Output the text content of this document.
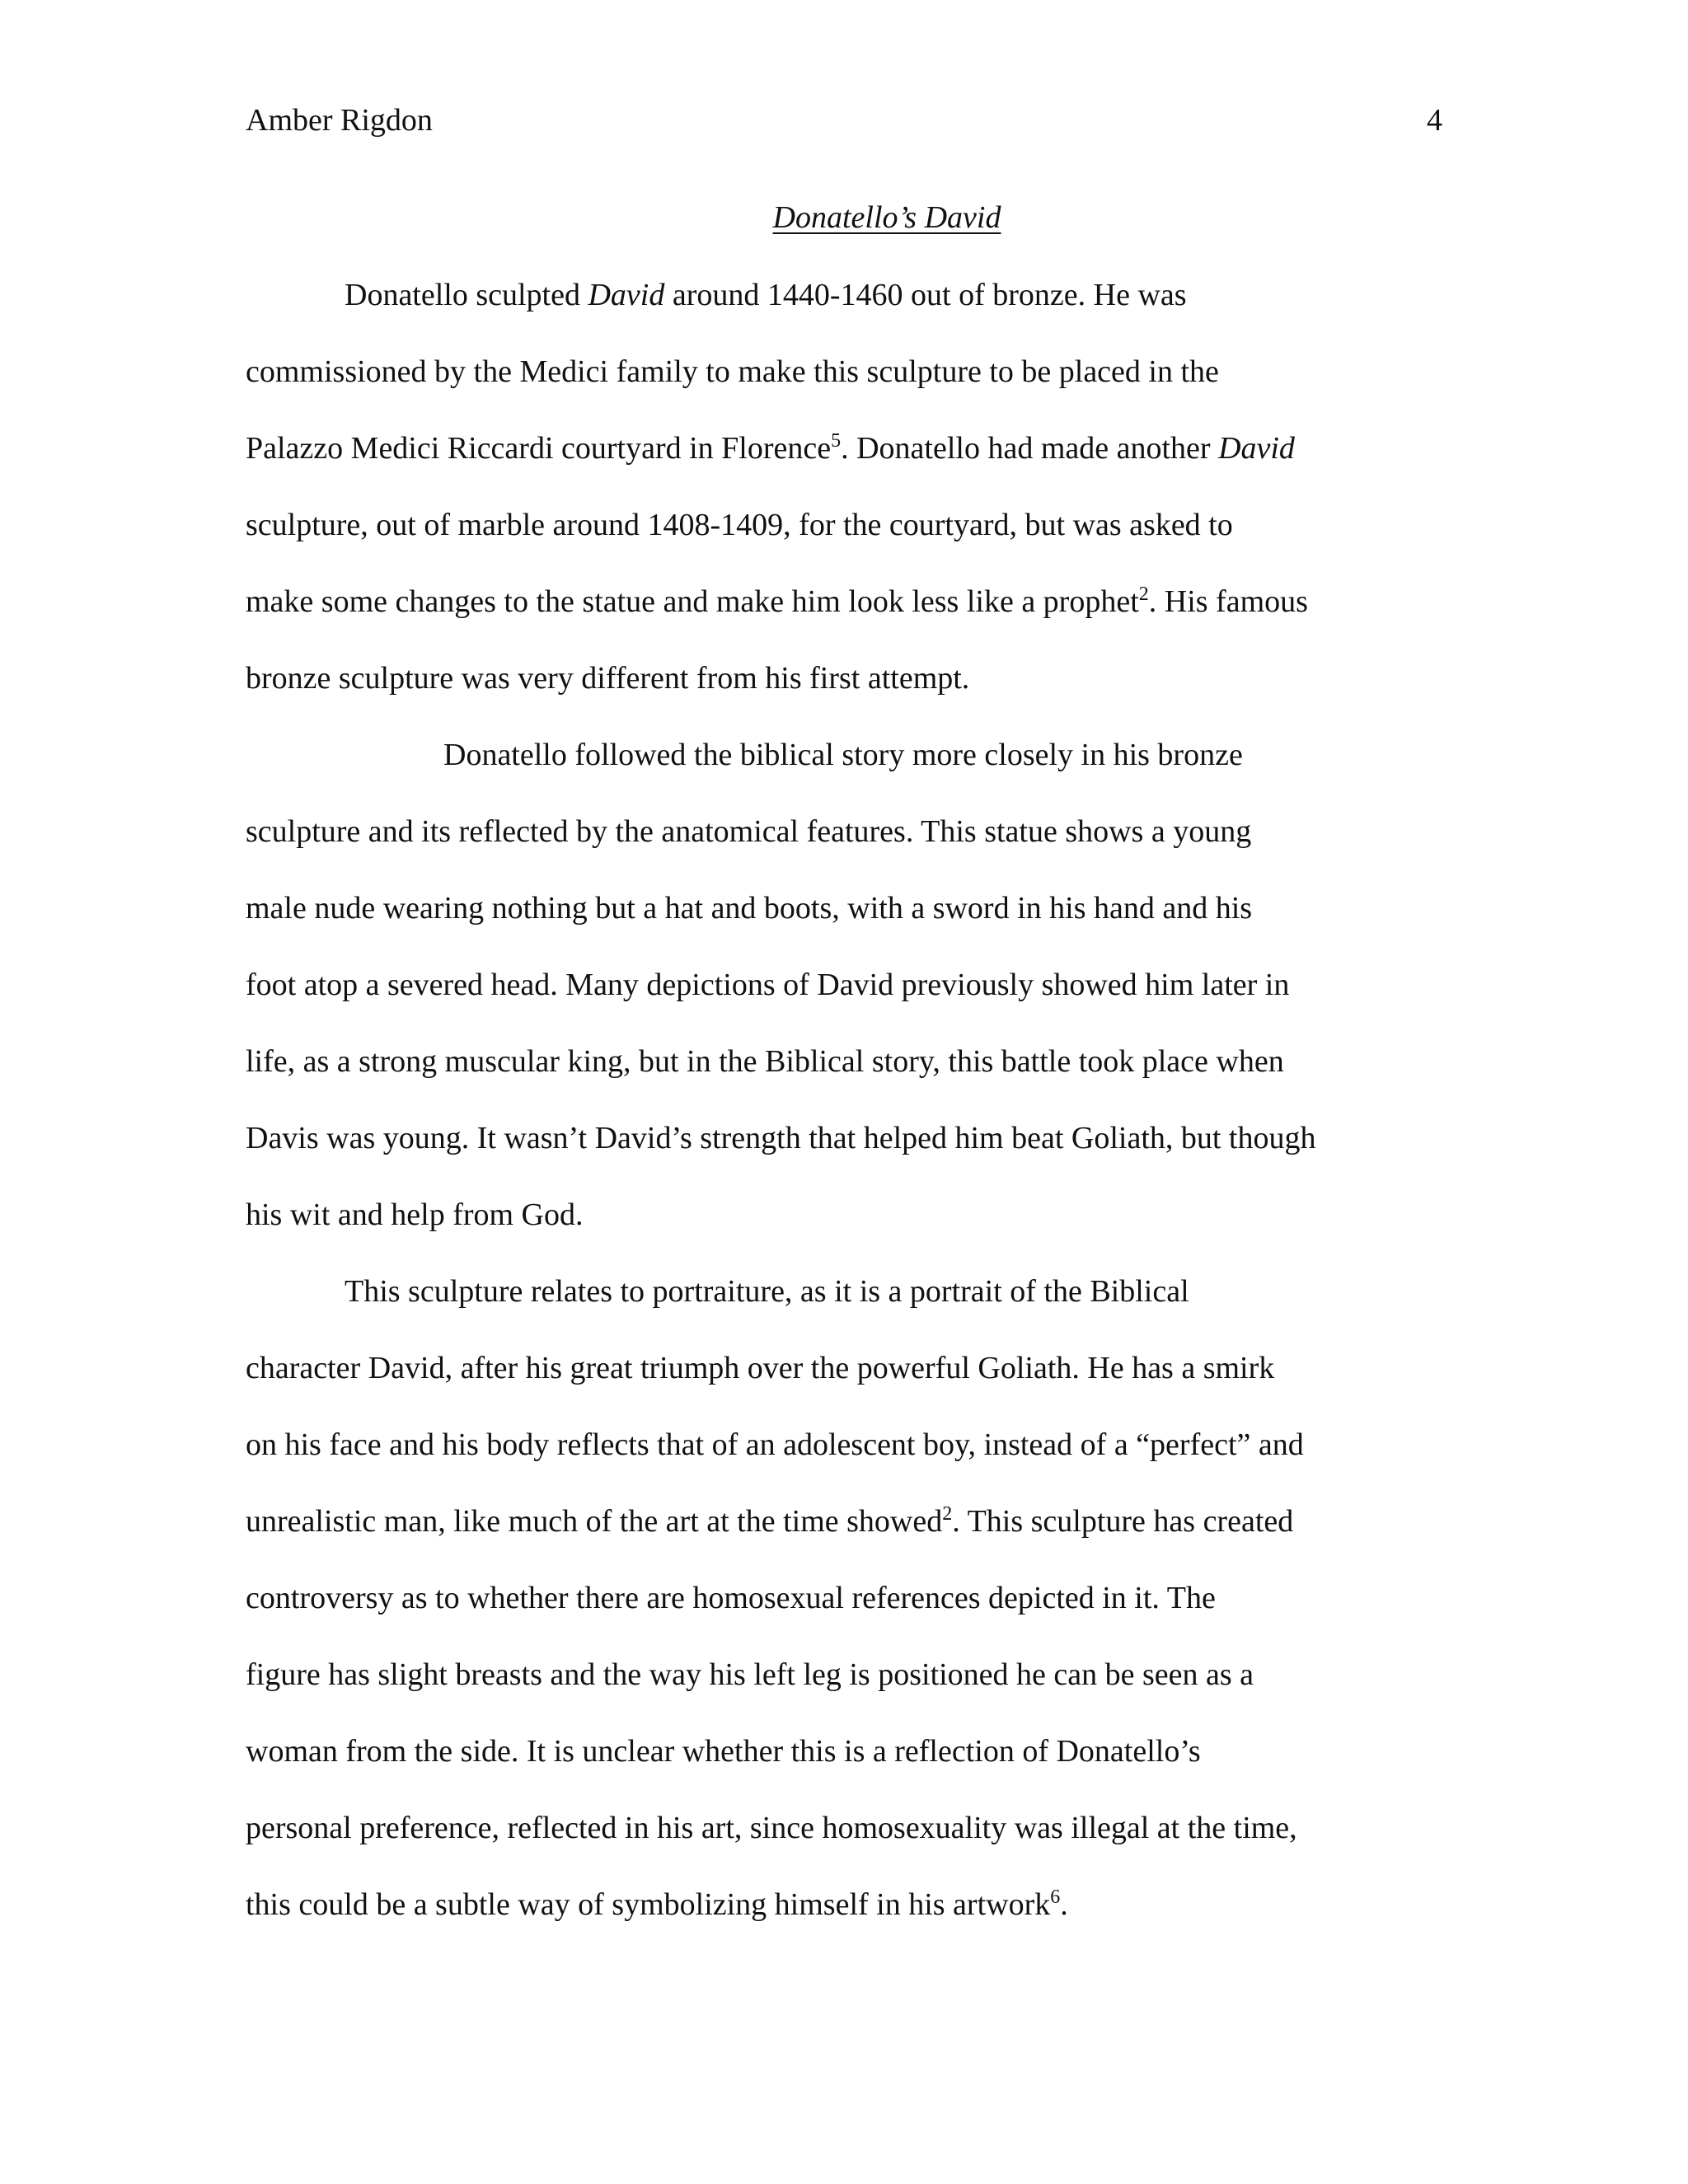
Amber Rigdon	4
Donatello’s David
Donatello sculpted David around 1440-1460 out of bronze. He was
commissioned by the Medici family to make this sculpture to be placed in the
Palazzo Medici Riccardi courtyard in Florence$^5$. Donatello had made another David
sculpture, out of marble around 1408-1409, for the courtyard, but was asked to
make some changes to the statue and make him look less like a prophet$^2$. His famous
bronze sculpture was very different from his first attempt.
Donatello followed the biblical story more closely in his bronze
sculpture and its reflected by the anatomical features. This statue shows a young
male nude wearing nothing but a hat and boots, with a sword in his hand and his
foot atop a severed head. Many depictions of David previously showed him later in
life, as a strong muscular king, but in the Biblical story, this battle took place when
Davis was young. It wasn’t David’s strength that helped him beat Goliath, but though
his wit and help from God.
This sculpture relates to portraiture, as it is a portrait of the Biblical
character David, after his great triumph over the powerful Goliath. He has a smirk
on his face and his body reflects that of an adolescent boy, instead of a “perfect” and
unrealistic man, like much of the art at the time showed$^2$. This sculpture has created
controversy as to whether there are homosexual references depicted in it. The
figure has slight breasts and the way his left leg is positioned he can be seen as a
woman from the side. It is unclear whether this is a reflection of Donatello’s
personal preference, reflected in his art, since homosexuality was illegal at the time,
this could be a subtle way of symbolizing himself in his artwork$^6$.
